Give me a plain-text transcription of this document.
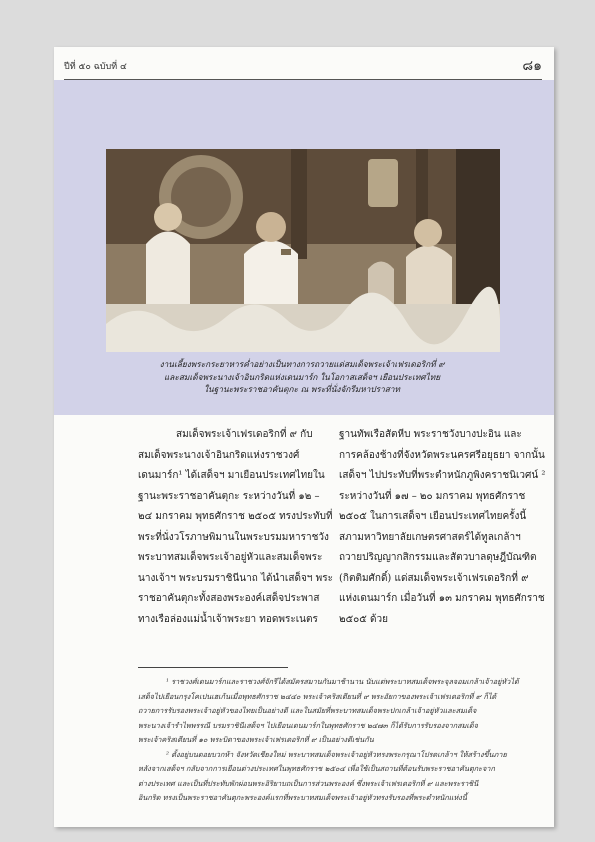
ปีที่ ๕๐ ฉบับที่ ๔	๘๑
งานเลี้ยงพระกระยาหารค่ำอย่างเป็นทางการถวายแด่สมเด็จพระเจ้าเฟรเดอริกที่ ๙
และสมเด็จพระนางเจ้าอินกริดแห่งเดนมาร์ก ในโอกาสเสด็จฯ เยือนประเทศไทย
ในฐานะพระราชอาคันตุกะ ณ พระที่นั่งจักรีมหาปราสาท
สมเด็จพระเจ้าเฟรเดอริกที่ ๙ กับ
สมเด็จพระนางเจ้าอินกริดแห่งราชวงศ์
เดนมาร์ก¹ ได้เสด็จฯ มาเยือนประเทศไทยใน
ฐานะพระราชอาคันตุกะ ระหว่างวันที่ ๑๒ –
๒๔ มกราคม พุทธศักราช ๒๕๐๕ ทรงประทับที่
พระที่นั่งวโรภาษพิมานในพระบรมมหาราชวัง
พระบาทสมเด็จพระเจ้าอยู่หัวและสมเด็จพระ
นางเจ้าฯ พระบรมราชินีนาถ ได้นำเสด็จฯ พระ
ราชอาคันตุกะทั้งสองพระองค์เสด็จประพาส
ทางเรือล่องแม่น้ำเจ้าพระยา ทอดพระเนตร
ฐานทัพเรือสัตหีบ พระราชวังบางปะอิน และ
การคล้องช้างที่จังหวัดพระนครศรีอยุธยา จากนั้น
เสด็จฯ ไปประทับที่พระตำหนักภูพิงคราชนิเวศน์ ²
ระหว่างวันที่ ๑๗ – ๒๐ มกราคม พุทธศักราช
๒๕๐๕ ในการเสด็จฯ เยือนประเทศไทยครั้งนี้
สภามหาวิทยาลัยเกษตรศาสตร์ได้ทูลเกล้าฯ
ถวายปริญญากสิกรรมและสัตวบาลดุษฎีบัณฑิต
(กิตติมศักดิ์) แด่สมเด็จพระเจ้าเฟรเดอริกที่ ๙
แห่งเดนมาร์ก เมื่อวันที่ ๑๓ มกราคม พุทธศักราช
๒๕๐๕ ด้วย
¹ ราชวงศ์เดนมาร์กและราชวงศ์จักรีได้สมัครสมานกันมาช้านาน นับแต่พระบาทสมเด็จพระจุลจอมเกล้าเจ้าอยู่หัวได้
เสด็จไปเยือนกรุงโคเปนเฮเก้นเมื่อพุทธศักราช ๒๔๔๐ พระเจ้าคริสเตียนที่ ๙ พระอัยกาของพระเจ้าเฟรเดอริกที่ ๙ ก็ได้
ถวายการรับรองพระเจ้าอยู่หัวของไทยเป็นอย่างดี และในสมัยที่พระบาทสมเด็จพระปกเกล้าเจ้าอยู่หัวและสมเด็จ
พระนางเจ้ารำไพพรรณี บรมราชินีเสด็จฯ ไปเยือนเดนมาร์กในพุทธศักราช ๒๔๗๓ ก็ได้รับการรับรองจากสมเด็จ
พระเจ้าคริสเตียนที่ ๑๐ พระบิดาของพระเจ้าเฟรเดอริกที่ ๙ เป็นอย่างดีเช่นกัน
² ตั้งอยู่บนดอยบวกห้า จังหวัดเชียงใหม่ พระบาทสมเด็จพระเจ้าอยู่หัวทรงพระกรุณาโปรดเกล้าฯ ให้สร้างขึ้นภาย
หลังจากเสด็จฯ กลับจากการเยือนต่างประเทศในพุทธศักราช ๒๕๐๔ เพื่อใช้เป็นสถานที่ต้อนรับพระราชอาคันตุกะจาก
ต่างประเทศ และเป็นที่ประทับพักผ่อนพระอิริยาบถเป็นการส่วนพระองค์ ซึ่งพระเจ้าเฟรเดอริกที่ ๙ และพระราชินี
อินกริด ทรงเป็นพระราชอาคันตุกะพระองค์แรกที่พระบาทสมเด็จพระเจ้าอยู่หัวทรงรับรองที่พระตำหนักแห่งนี้
